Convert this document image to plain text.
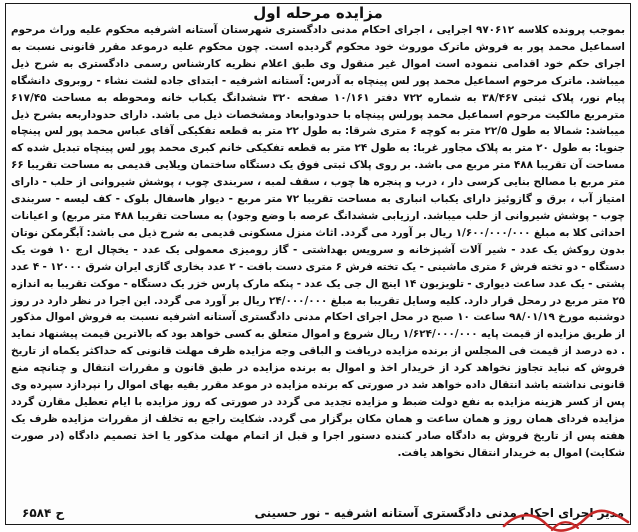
مزایده مرحله اول
بموجب پرونده کلاسه ۹۷۰۶۱۲ اجرایی ، اجرای احکام مدنی دادگستری شهرستان آستانه اشرفیه محکوم علیه وراث مرحوم اسماعیل محمد پور به فروش ماترک موروث خود محکوم گردیده است. چون محکوم علیه درموعد مقرر قانونی نسبت به اجرای حکم خود اقدامی ننموده است اموال غیر منقول وی طبق اعلام نظریه کارشناس رسمی دادگستری به شرح ذیل میباشد. ماترک مرحوم اسماعیل محمد پور لس پینچاه به آدرس: آستانه اشرفیه - ابتدای جاده لشت نشاء - روبروی دانشگاه پیام نور، پلاک ثبتی ۳۸/۴۶۷ به شماره ۷۲۲ دفتر ۱۰/۱۶۱ صفحه ۳۲۰ ششدانگ یکباب خانه ومحوطه به مساحت ۶۱۷/۴۵ مترمربع مالکیت مرحوم اسماعیل محمد پورلس پینچاه با حدودوابعاد ومشخصات ذیل می باشد. دارای حدوداربعه بشرح ذیل میباشد: شمالا به طول ۲۲/۵ متر به کوچه ۶ متری شرقا: به طول ۲۲ متر به قطعه تفکیکی آقای عباس محمد پور لس پینچاه جنوبا: به طول ۲۰ متر به پلاک مجاور غربا: به طول ۲۴ متر به قطعه تفکیکی خانم کبری محمد پور لس پینچاه تبدیل شده که مساحت آن تقریبا ۴۸۸ متر مربع می باشد. بر روی پلاک ثبتی فوق یک دستگاه ساختمان ویلایی قدیمی به مساحت تقریبا ۶۶ متر مربع با مصالح بنایی کرسی دار ، درب و پنجره ها چوب ، سقف لمبه ، سربندی چوب ، پوشش شیروانی از حلب - دارای امتیاز آب ، برق و گازوئیز دارای یکباب انباری به مساحت تقریبا ۷۲ متر مربع - دیوار هاسفال بلوک - کف لیسه - سربندی چوب - پوشش شیروانی از حلب میباشد. ارزیابی ششدانگ عرصه با وضع وجود) به مساحت تقریبا ۴۸۸ متر مربع) و اعیانات احداثی کلا به مبلغ ۱/۶۰۰/۰۰۰/۰۰۰ ریال بر آورد می گردد. اثاث منزل مسکونی قدیمی به شرح ذیل می باشد: آبگرمکن نوتان بدون روکش یک عدد - شیر آلات آشپزخانه و سرویس بهداشتی - گاز رومیزی معمولی یک عدد - یخچال ارج ۱۰ فوت یک دستگاه - دو تخته فرش ۶ متری ماشینی - یک تخته فرش ۶ متری دست بافت - ۲ عدد بخاری گازی ایران شرق ۱۲۰۰۰ - ۴ عدد پشتی - یک عدد ساعت دیواری - تلویزیون ۱۴ اینچ ال جی یک عدد - پنکه مارک پارس خزر یک دستگاه - موکت تقریبا به اندازه ۲۵ متر مربع در رمحل قرار دارد. کلیه وسایل تقریبا به مبلغ ۲۴/۰۰۰/۰۰۰ ریال بر آورد می گردد. این اجرا در نظر دارد در روز دوشنبه مورخ ۹۸/۰۱/۱۹ ساعت ۱۰ صبح در محل اجرای احکام مدنی دادگستری آستانه اشرفیه نسبت به فروش اموال مذکور از طریق مزایده از قیمت پایه ۱/۶۲۴/۰۰۰/۰۰۰ ریال شروع و اموال متعلق به کسی خواهد بود که بالاترین قیمت پیشنهاد نماید . ده درصد از قیمت فی المجلس از برنده مزایده دریافت و الباقی وجه مزایده ظرف مهلت قانونی که حداکثر یکماه از تاریخ فروش که نباید تجاوز نخواهد کرد از خریدار اخذ و اموال به برنده مزایده در طبق قانون و مقررات انتقال و چنانچه منع قانونی نداشته باشد انتقال داده خواهد شد در صورتی که برنده مزایده در موعد مقرر بقیه بهای اموال را نپردازد سپرده وی پس از کسر هزینه مزایده به نفع دولت ضبط و مزایده تجدید می گردد در صورتی که روز مزایده با ایام تعطیل مقارن گردد مزایده فردای همان روز و همان ساعت و همان مکان برگزار می گردد. شکایت راجع به تخلف از مقررات مزایده ظرف یک هفته پس از تاریخ فروش به دادگاه صادر کننده دستور اجرا و قبل از اتمام مهلت مذکور یا اخذ تصمیم دادگاه (در صورت شکایت) اموال به خریدار انتقال نخواهد یافت.
مدیر اجرای احکام مدنی دادگستری آستانه اشرفیه - نور حسینی
ح ۶۵۸۴
